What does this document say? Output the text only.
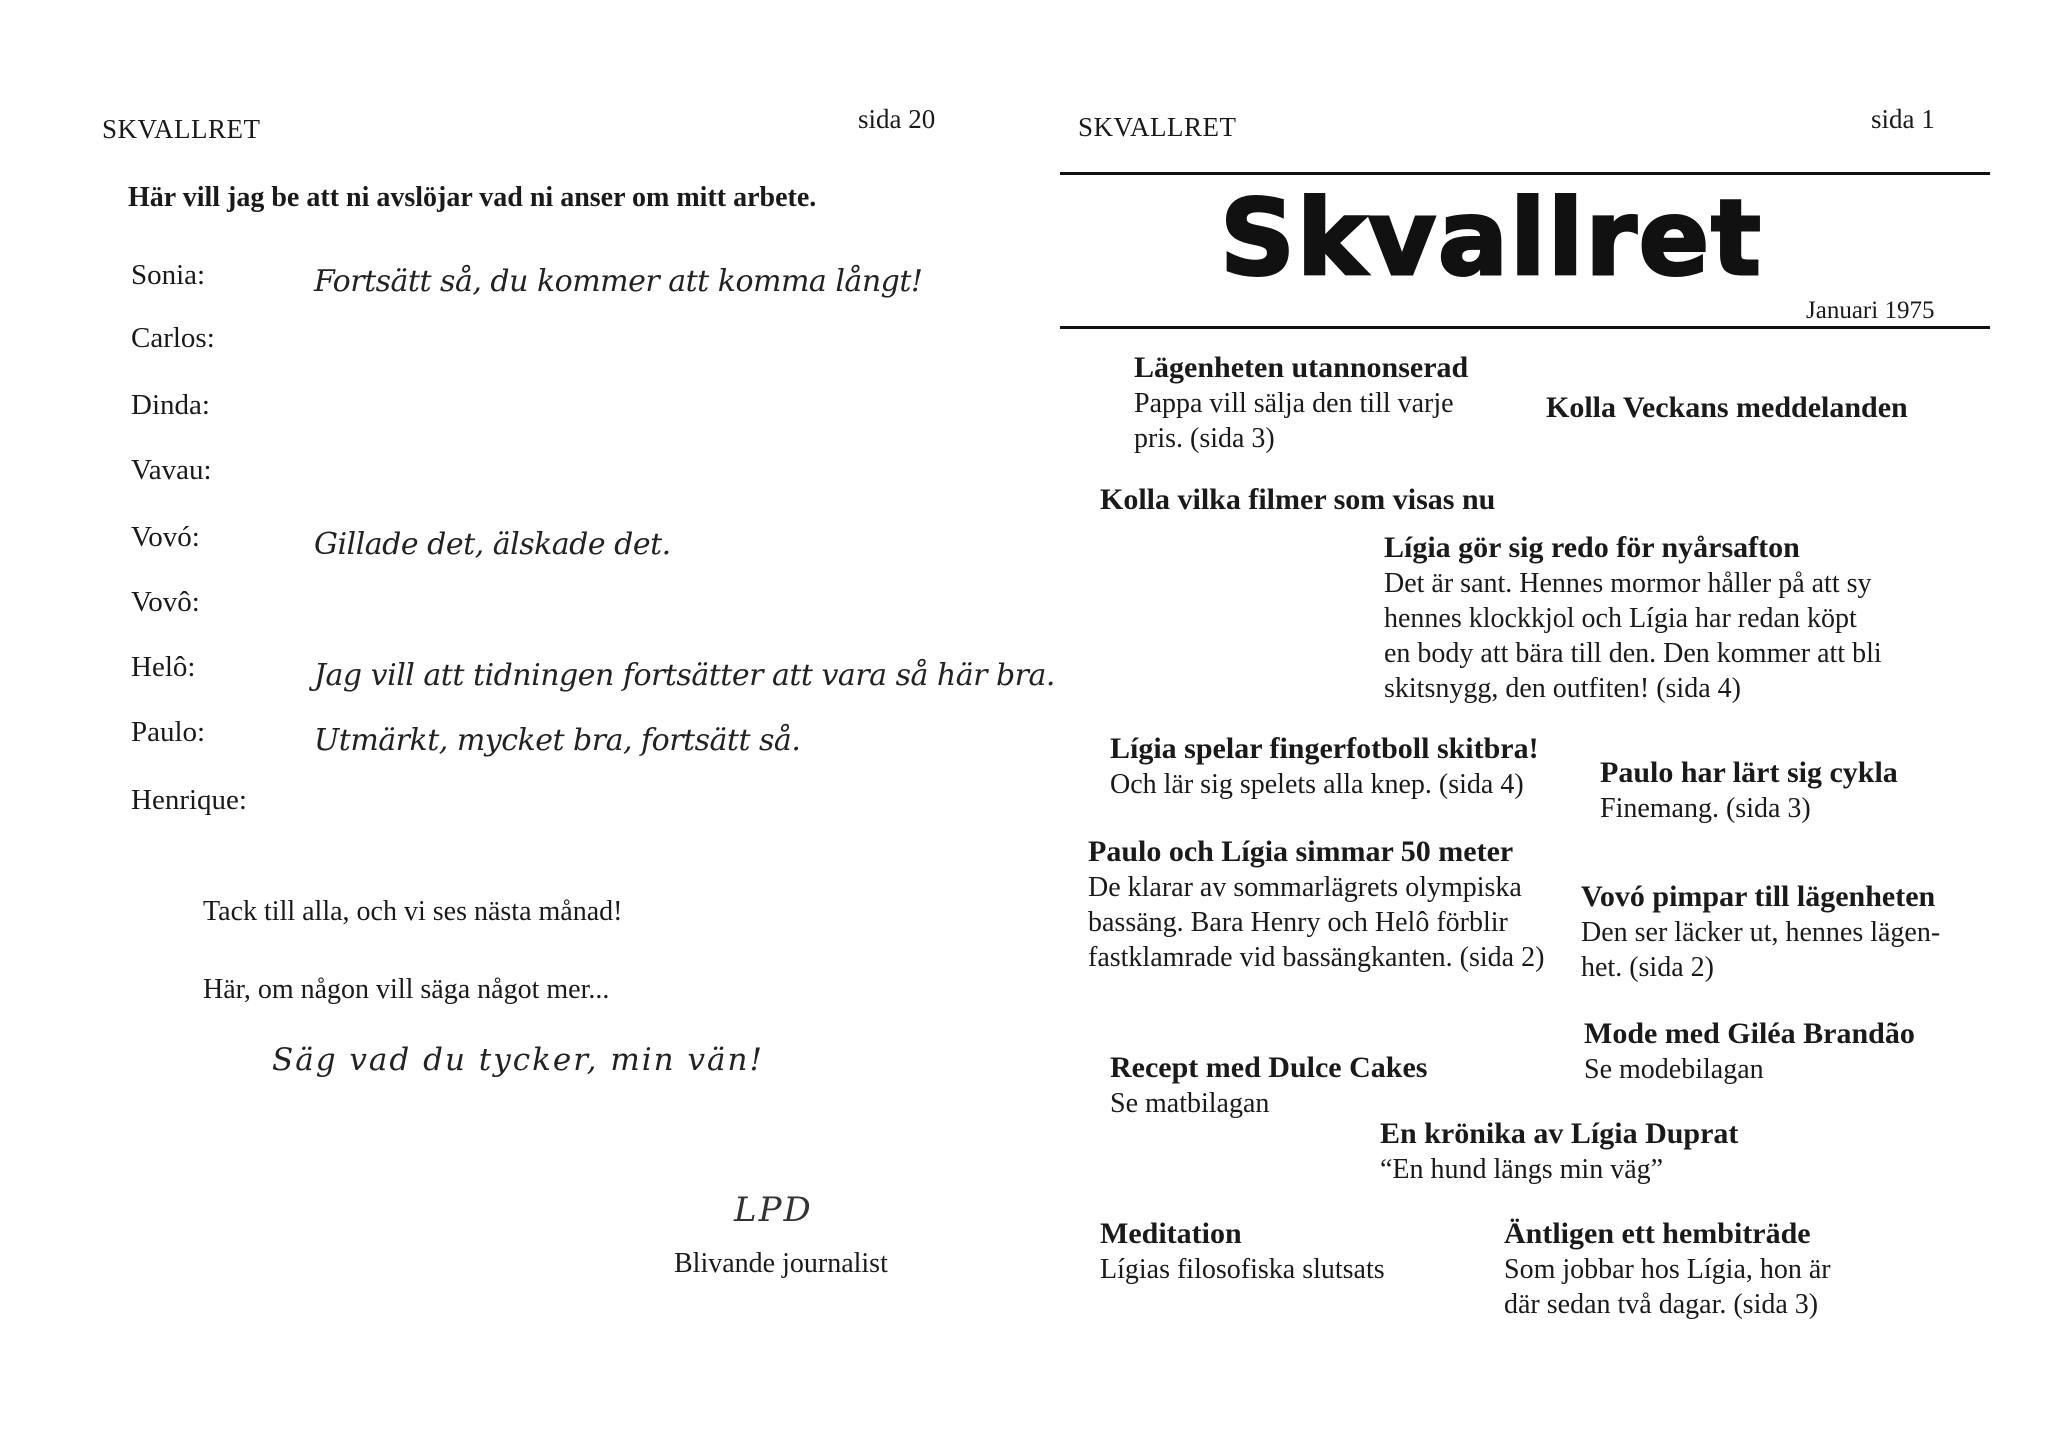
SKVALLRET	sida 20
Här vill jag be att ni avslöjar vad ni anser om mitt arbete.
Sonia:	Fortsätt så, du kommer att komma långt!
Carlos:
Dinda:
Vavau:
Vovó:	Gillade det, älskade det.
Vovô:
Helô:	Jag vill att tidningen fortsätter att vara så här bra.
Paulo:	Utmärkt, mycket bra, fortsätt så.
Henrique:
Tack till alla, och vi ses nästa månad!
Här, om någon vill säga något mer...
Säg vad du tycker, min vän!
LPD
Blivande journalist
SKVALLRET	sida 1
Skvallret
Januari 1975
Lägenheten utannonserad
Pappa vill sälja den till varje
pris. (sida 3)
Kolla Veckans meddelanden
Kolla vilka filmer som visas nu
Lígia gör sig redo för nyårsafton
Det är sant. Hennes mormor håller på att sy
hennes klockkjol och Lígia har redan köpt
en body att bära till den. Den kommer att bli
skitsnygg, den outfiten! (sida 4)
Lígia spelar fingerfotboll skitbra!
Och lär sig spelets alla knep. (sida 4)	Paulo har lärt sig cykla
Finemang. (sida 3)
Paulo och Lígia simmar 50 meter
De klarar av sommarlägrets olympiska
bassäng. Bara Henry och Helô förblir
fastklamrade vid bassängkanten. (sida 2)
Vovó pimpar till lägenheten
Den ser läcker ut, hennes lägen-
het. (sida 2)
Mode med Giléa Brandão
Se modebilagan
Recept med Dulce Cakes
Se matbilagan
En krönika av Lígia Duprat
“En hund längs min väg”
Meditation
Lígias filosofiska slutsats
Äntligen ett hembiträde
Som jobbar hos Lígia, hon är
där sedan två dagar. (sida 3)
